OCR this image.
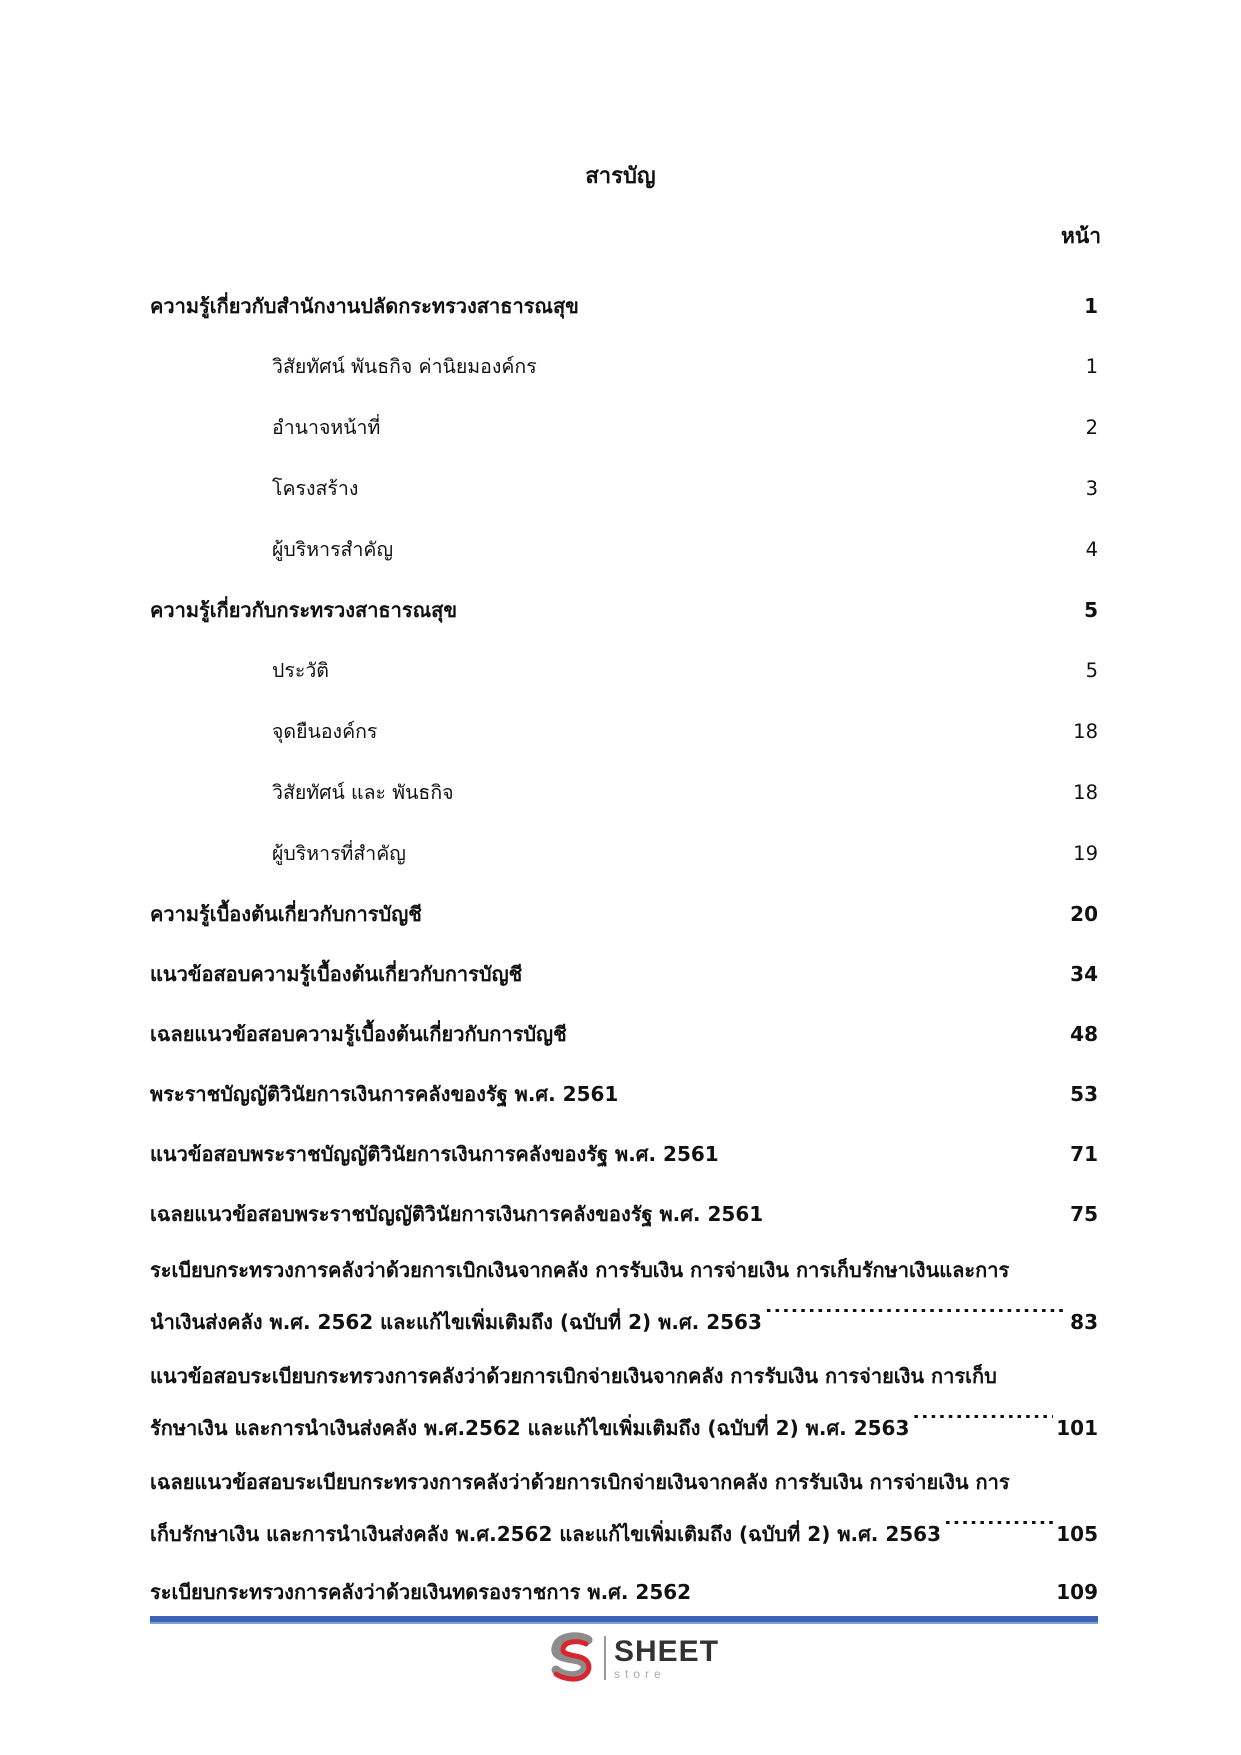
สารบัญ
หน้า
ความรู้เกี่ยวกับสำนักงานปลัดกระทรวงสาธารณสุข .....	1
วิสัยทัศน์ พันธกิจ ค่านิยมองค์กร .....	1
อำนาจหน้าที่ .....	2
โครงสร้าง .....	3
ผู้บริหารสำคัญ .....	4
ความรู้เกี่ยวกับกระทรวงสาธารณสุข .....	5
ประวัติ .....	5
จุดยืนองค์กร .....	18
วิสัยทัศน์ และ พันธกิจ .....	18
ผู้บริหารที่สำคัญ .....	19
ความรู้เบื้องต้นเกี่ยวกับการบัญชี .....	20
แนวข้อสอบความรู้เบื้องต้นเกี่ยวกับการบัญชี .....	34
เฉลยแนวข้อสอบความรู้เบื้องต้นเกี่ยวกับการบัญชี .....	48
พระราชบัญญัติวินัยการเงินการคลังของรัฐ พ.ศ. 2561 .....	53
แนวข้อสอบพระราชบัญญัติวินัยการเงินการคลังของรัฐ พ.ศ. 2561 .....	71
เฉลยแนวข้อสอบพระราชบัญญัติวินัยการเงินการคลังของรัฐ พ.ศ. 2561 .....	75
ระเบียบกระทรวงการคลังว่าด้วยการเบิกเงินจากคลัง การรับเงิน การจ่ายเงิน การเก็บรักษาเงินและการ
นำเงินส่งคลัง พ.ศ. 2562 และแก้ไขเพิ่มเติมถึง (ฉบับที่ 2) พ.ศ. 2563 .....	83
แนวข้อสอบระเบียบกระทรวงการคลังว่าด้วยการเบิกจ่ายเงินจากคลัง การรับเงิน การจ่ายเงิน การเก็บ
รักษาเงิน และการนำเงินส่งคลัง พ.ศ.2562 และแก้ไขเพิ่มเติมถึง (ฉบับที่ 2) พ.ศ. 2563 .....	101
เฉลยแนวข้อสอบระเบียบกระทรวงการคลังว่าด้วยการเบิกจ่ายเงินจากคลัง การรับเงิน การจ่ายเงิน การ
เก็บรักษาเงิน และการนำเงินส่งคลัง พ.ศ.2562 และแก้ไขเพิ่มเติมถึง (ฉบับที่ 2) พ.ศ. 2563 .....	105
ระเบียบกระทรวงการคลังว่าด้วยเงินทดรองราชการ พ.ศ. 2562 .....	109
SHEET
store
